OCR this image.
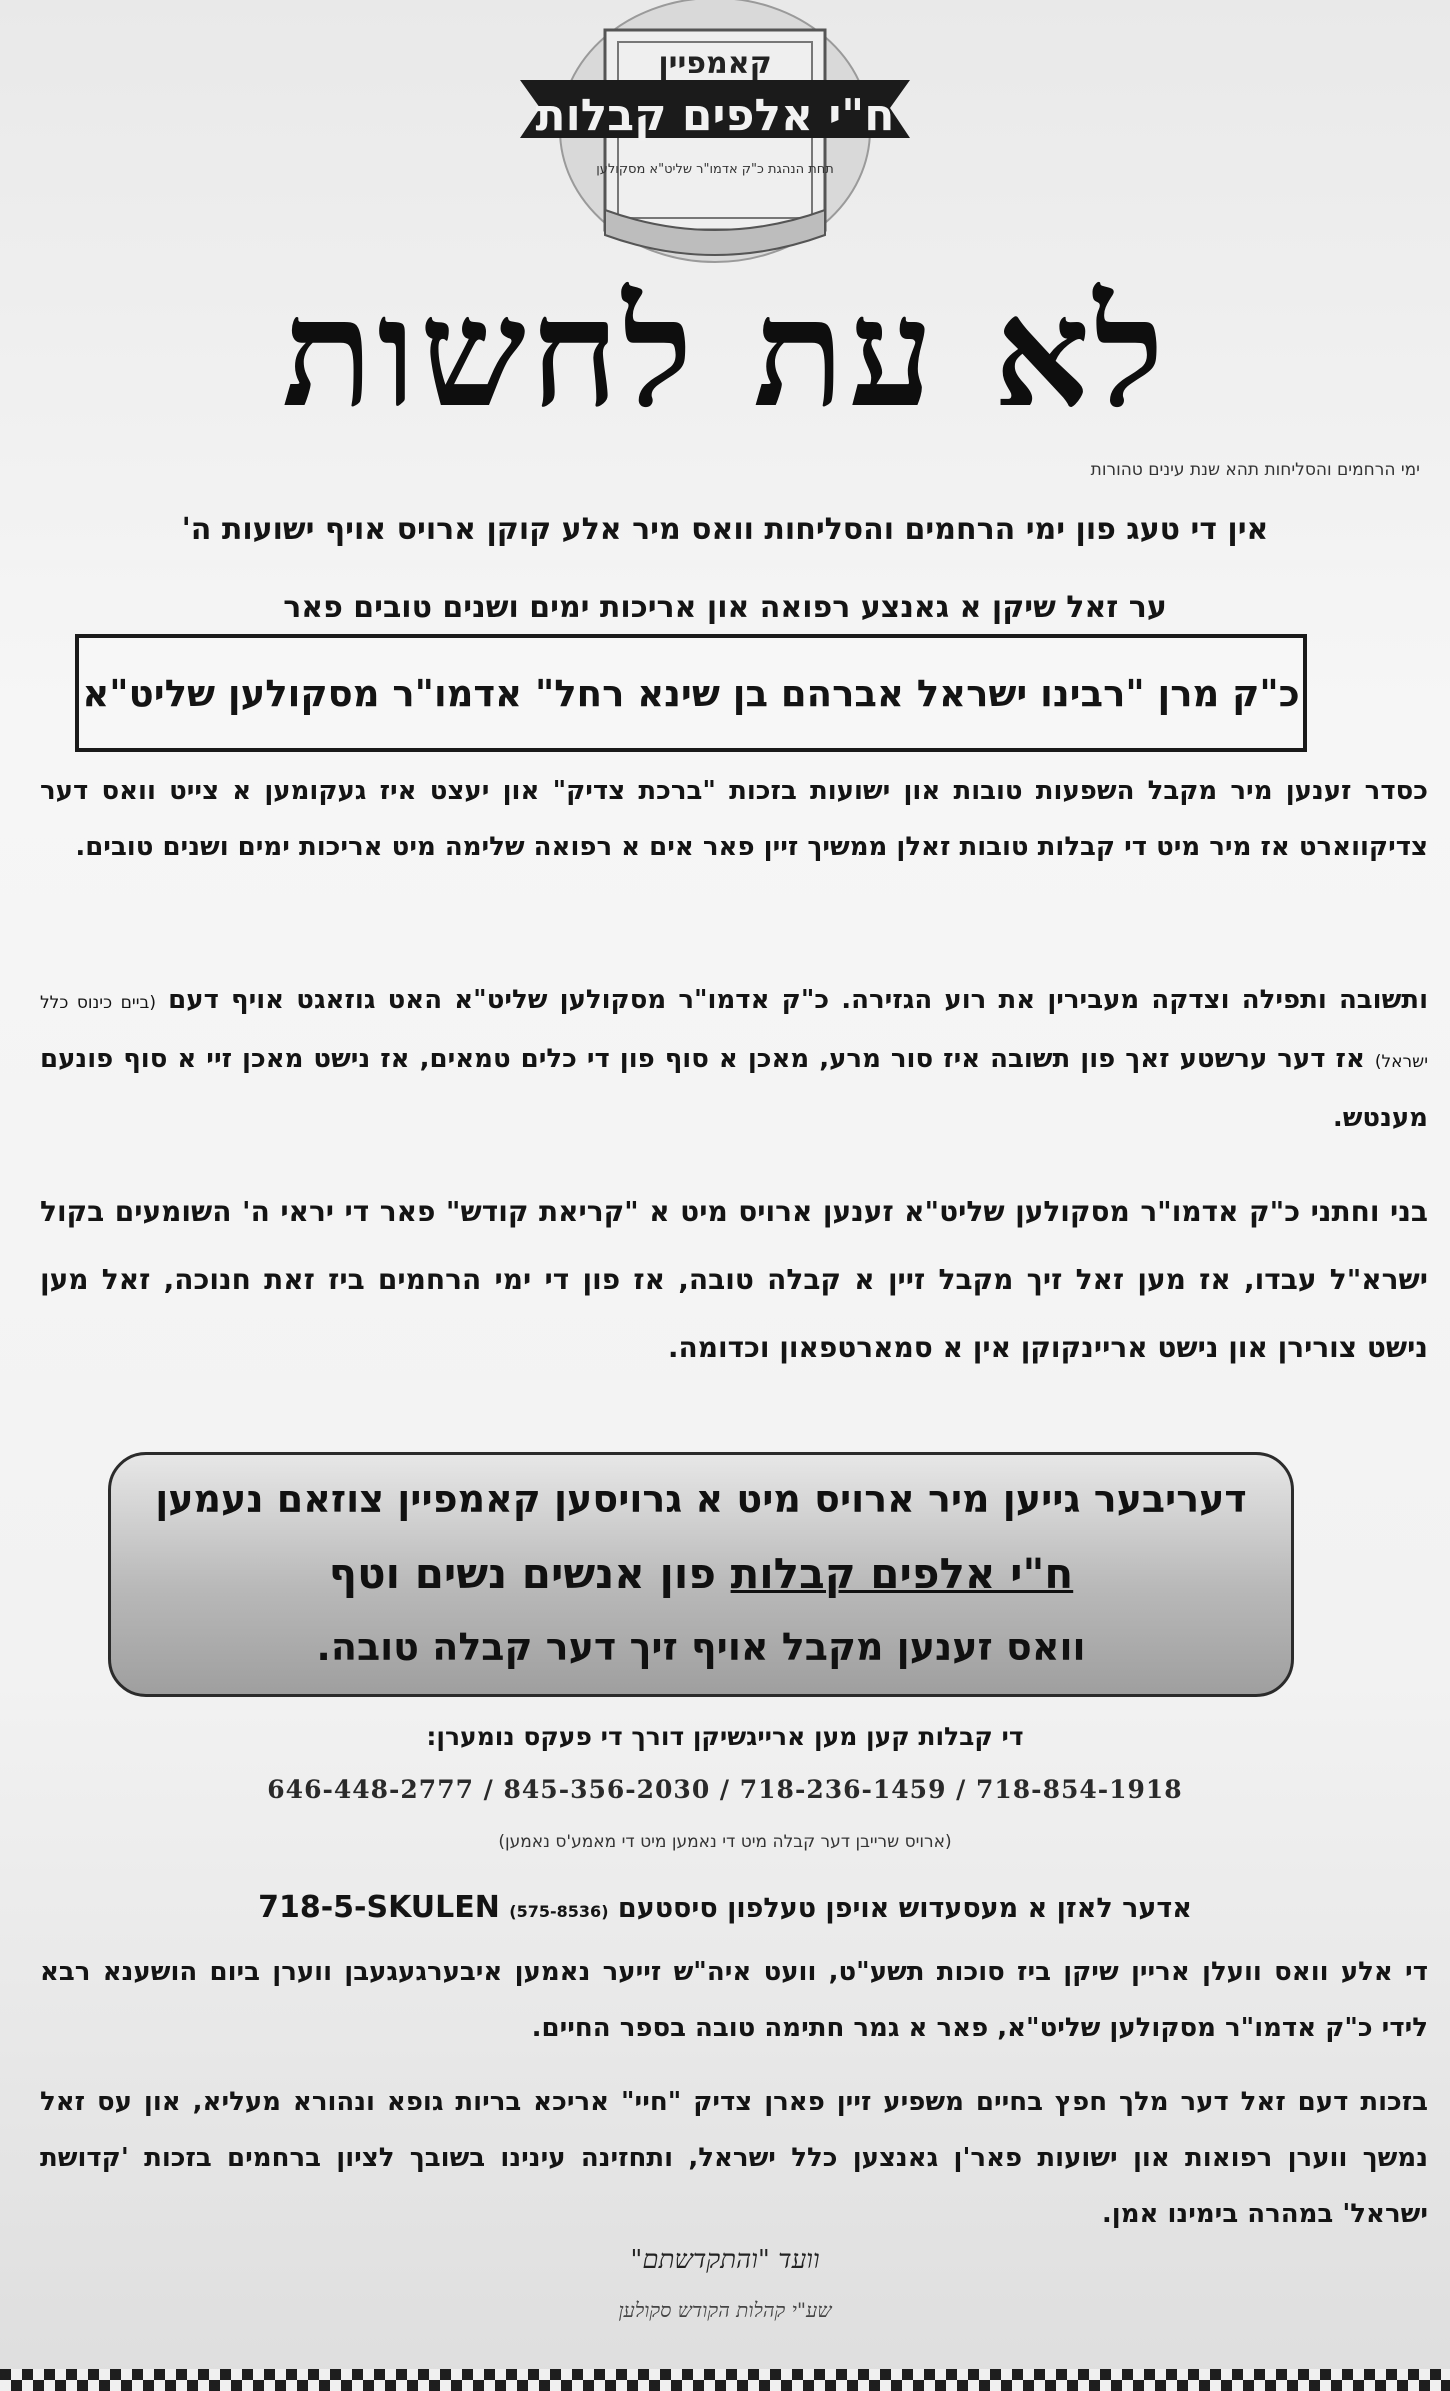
קאמפיין
ח"י אלפים קבלות
תחת הנהגת כ"ק אדמו"ר שליט"א מסקולען
לא עת לחשות
ימי הרחמים והסליחות תהא שנת עינים טהורות
אין די טעג פון ימי הרחמים והסליחות וואס מיר אלע קוקן ארויס אויף ישועות ה'
ער זאל שיקן א גאנצע רפואה און אריכות ימים ושנים טובים פאר
כ"ק מרן "רבינו ישראל אברהם בן שינא רחל" אדמו"ר מסקולען שליט"א
כסדר זענען מיר מקבל השפעות טובות און ישועות בזכות "ברכת צדיק" און יעצט איז געקומען א צייט וואס דער צדיקווארט אז מיר מיט די קבלות טובות זאלן ממשיך זיין פאר אים א רפואה שלימה מיט אריכות ימים ושנים טובים.
ותשובה ותפילה וצדקה מעבירין את רוע הגזירה. כ"ק אדמו"ר מסקולען שליט"א האט גוזאגט אויף דעם (ביים כינוס כלל ישראל) אז דער ערשטע זאך פון תשובה איז סור מרע, מאכן א סוף פון די כלים טמאים, אז נישט מאכן זיי א סוף פונעם מענטש.
בני וחתני כ"ק אדמו"ר מסקולען שליט"א זענען ארויס מיט א "קריאת קודש" פאר די יראי ה' השומעים בקול ישרא"ל עבדו, אז מען זאל זיך מקבל זיין א קבלה טובה, אז פון די ימי הרחמים ביז זאת חנוכה, זאל מען נישט צורירן און נישט אריינקוקן אין א סמארטפאון וכדומה.
דעריבער גייען מיר ארויס מיט א גרויסען קאמפיין צוזאם נעמען
ח"י אלפים קבלות פון אנשים נשים וטף
וואס זענען מקבל אויף זיך דער קבלה טובה.
די קבלות קען מען ארייגשיקן דורך די פעקס נומערן:
646-448-2777 / 845-356-2030 / 718-236-1459 / 718-854-1918
(ארויס שרייבן דער קבלה מיט די נאמען מיט די מאמע'ס נאמען)
אדער לאזן א מעסעדוש אויפן טעלפון סיסטעם (575-8536) 718-5-SKULEN
די אלע וואס וועלן אריין שיקן ביז סוכות תשע"ט, וועט איה"ש זייער נאמען איבערגעגעבן ווערן ביום הושענא רבא לידי כ"ק אדמו"ר מסקולען שליט"א, פאר א גמר חתימה טובה בספר החיים.
בזכות דעם זאל דער מלך חפץ בחיים משפיע זיין פארן צדיק "חיי" אריכא בריות גופא ונהורא מעליא, און עס זאל נמשך ווערן רפואות און ישועות פאר'ן גאנצען כלל ישראל, ותחזינה עינינו בשובך לציון ברחמים בזכות 'קדושת ישראל' במהרה בימינו אמן.
וועד "והתקדשתם"
שע"י קהלות הקודש סקולען
